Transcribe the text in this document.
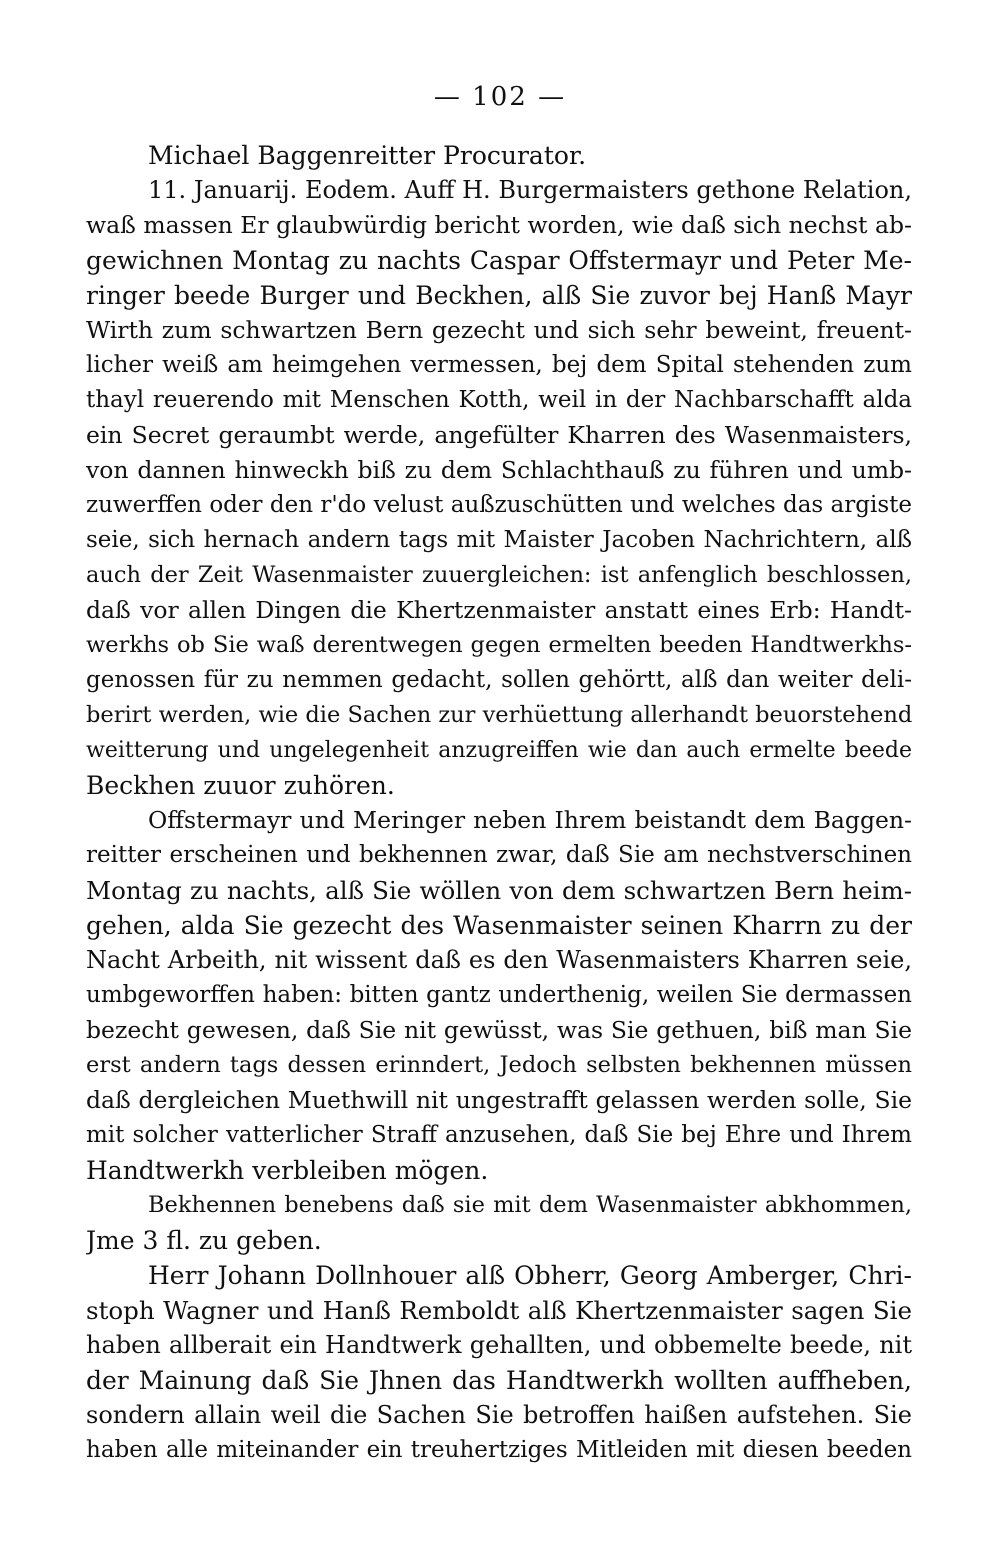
— 102 —
Michael Baggenreitter Procurator.
11. Januarij. Eodem. Auff H. Burgermaisters gethone Relation,
waß massen Er glaubwürdig bericht worden, wie daß sich nechst ab-
gewichnen Montag zu nachts Caspar Offstermayr und Peter Me-
ringer beede Burger und Beckhen, alß Sie zuvor bej Hanß Mayr
Wirth zum schwartzen Bern gezecht und sich sehr beweint, freuent-
licher weiß am heimgehen vermessen, bej dem Spital stehenden zum
thayl reuerendo mit Menschen Kotth, weil in der Nachbarschafft alda
ein Secret geraumbt werde, angefülter Kharren des Wasenmaisters,
von dannen hinweckh biß zu dem Schlachthauß zu führen und umb-
zuwerffen oder den r'do velust außzuschütten und welches das argiste
seie, sich hernach andern tags mit Maister Jacoben Nachrichtern, alß
auch der Zeit Wasenmaister zuuergleichen: ist anfenglich beschlossen,
daß vor allen Dingen die Khertzenmaister anstatt eines Erb: Handt-
werkhs ob Sie waß derentwegen gegen ermelten beeden Handtwerkhs-
genossen für zu nemmen gedacht, sollen gehörtt, alß dan weiter deli-
berirt werden, wie die Sachen zur verhüettung allerhandt beuorstehend
weitterung und ungelegenheit anzugreiffen wie dan auch ermelte beede
Beckhen zuuor zuhören.
Offstermayr und Meringer neben Ihrem beistandt dem Baggen-
reitter erscheinen und bekhennen zwar, daß Sie am nechstverschinen
Montag zu nachts, alß Sie wöllen von dem schwartzen Bern heim-
gehen, alda Sie gezecht des Wasenmaister seinen Kharrn zu der
Nacht Arbeith, nit wissent daß es den Wasenmaisters Kharren seie,
umbgeworffen haben: bitten gantz underthenig, weilen Sie dermassen
bezecht gewesen, daß Sie nit gewüsst, was Sie gethuen, biß man Sie
erst andern tags dessen erinndert, Jedoch selbsten bekhennen müssen
daß dergleichen Muethwill nit ungestrafft gelassen werden solle, Sie
mit solcher vatterlicher Straff anzusehen, daß Sie bej Ehre und Ihrem
Handtwerkh verbleiben mögen.
Bekhennen benebens daß sie mit dem Wasenmaister abkhommen,
Jme 3 fl. zu geben.
Herr Johann Dollnhouer alß Obherr, Georg Amberger, Chri-
stoph Wagner und Hanß Remboldt alß Khertzenmaister sagen Sie
haben allberait ein Handtwerk gehallten, und obbemelte beede, nit
der Mainung daß Sie Jhnen das Handtwerkh wollten auffheben,
sondern allain weil die Sachen Sie betroffen haißen aufstehen. Sie
haben alle miteinander ein treuhertziges Mitleiden mit diesen beeden
